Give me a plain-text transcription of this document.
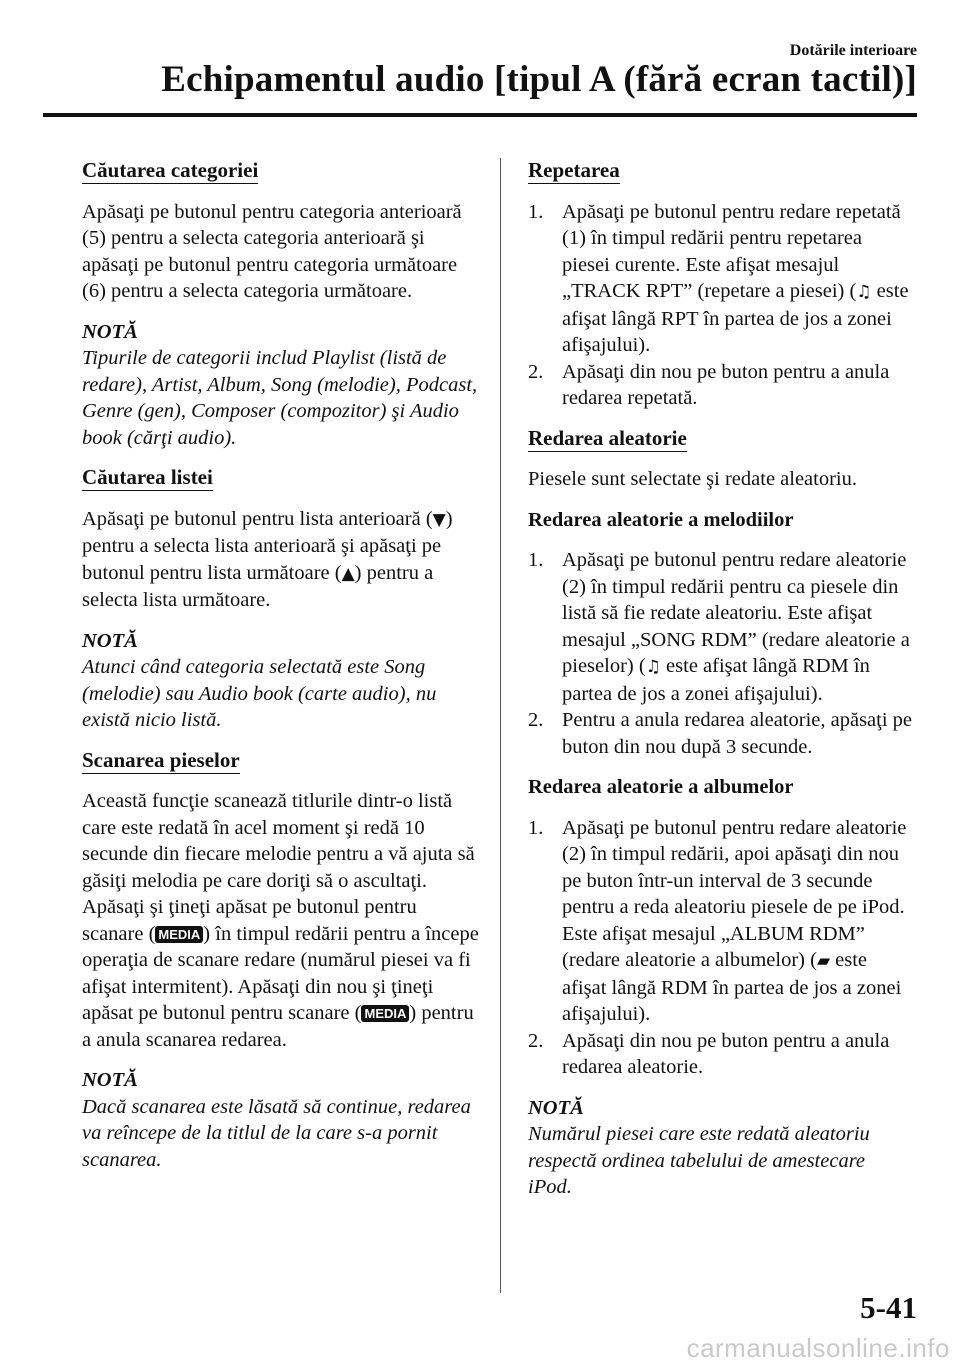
Dotările interioare
Echipamentul audio [tipul A (fără ecran tactil)]
Căutarea categoriei

Apăsaţi pe butonul pentru categoria anterioară (5) pentru a selecta categoria anterioară şi apăsaţi pe butonul pentru categoria următoare (6) pentru a selecta categoria următoare.

NOTĂ

Tipurile de categorii includ Playlist (listă de redare), Artist, Album, Song (melodie), Podcast, Genre (gen), Composer (compozitor) şi Audio book (cărţi audio).

Căutarea listei

Apăsaţi pe butonul pentru lista anterioară (▼) pentru a selecta lista anterioară şi apăsaţi pe butonul pentru lista următoare (▲) pentru a selecta lista următoare.

NOTĂ

Atunci când categoria selectată este Song (melodie) sau Audio book (carte audio), nu există nicio listă.

Scanarea pieselor

Această funcţie scanează titlurile dintr-o listă care este redată în acel moment şi redă 10 secunde din fiecare melodie pentru a vă ajuta să găsiţi melodia pe care doriţi să o ascultaţi.

Apăsaţi şi ţineţi apăsat pe butonul pentru scanare ( MEDIA ) în timpul redării pentru a începe operaţia de scanare redare (numărul piesei va fi afişat intermitent). Apăsaţi din nou şi ţineţi apăsat pe butonul pentru scanare ( MEDIA ) pentru a anula scanarea redarea.

NOTĂ

Dacă scanarea este lăsată să continue, redarea va reîncepe de la titlul de la care s-a pornit scanarea.

Repetarea
1. Apăsaţi pe butonul pentru redare repetată (1) în timpul redării pentru repetarea piesei curente. Este afişat mesajul „TRACK RPT” (repetare a piesei) (♫ este afişat lângă RPT în partea de jos a zonei afişajului).
2. Apăsaţi din nou pe buton pentru a anula redarea repetată.
Redarea aleatorie

Piesele sunt selectate şi redate aleatoriu.

Redarea aleatorie a melodiilor
1. Apăsaţi pe butonul pentru redare aleatorie (2) în timpul redării pentru ca piesele din listă să fie redate aleatoriu. Este afişat mesajul „SONG RDM” (redare aleatorie a pieselor) (♫ este afişat lângă RDM în partea de jos a zonei afişajului).
2. Pentru a anula redarea aleatorie, apăsaţi pe buton din nou după 3 secunde.
Redarea aleatorie a albumelor
1. Apăsaţi pe butonul pentru redare aleatorie (2) în timpul redării, apoi apăsaţi din nou pe buton într-un interval de 3 secunde pentru a reda aleatoriu piesele de pe iPod. Este afişat mesajul „ALBUM RDM” (redare aleatorie a albumelor) (▰ este afişat lângă RDM în partea de jos a zonei afişajului).
2. Apăsaţi din nou pe buton pentru a anula redarea aleatorie.
NOTĂ

Numărul piesei care este redată aleatoriu respectă ordinea tabelului de amestecare iPod.

5-41
carmanualsonline.info
